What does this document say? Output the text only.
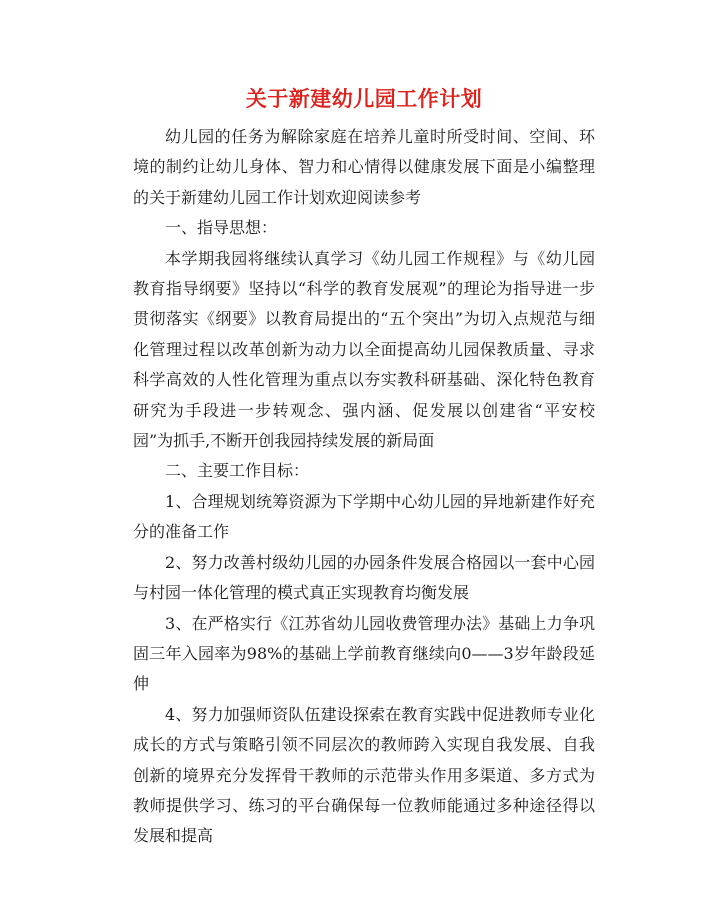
关于新建幼儿园工作计划

幼儿园的任务为解除家庭在培养儿童时所受时间、空间、环境的制约让幼儿身体、智力和心情得以健康发展下面是小编整理的关于新建幼儿园工作计划欢迎阅读参考

一、指导思想：

本学期我园将继续认真学习《幼儿园工作规程》与《幼儿园教育指导纲要》坚持以“科学的教育发展观”的理论为指导进一步贯彻落实《纲要》以教育局提出的“五个突出”为切入点规范与细化管理过程以改革创新为动力以全面提高幼儿园保教质量、寻求科学高效的人性化管理为重点以夯实教科研基础、深化特色教育研究为手段进一步转观念、强内涵、促发展以创建省“平安校园”为抓手,不断开创我园持续发展的新局面

二、主要工作目标：

1、合理规划统筹资源为下学期中心幼儿园的异地新建作好充分的准备工作

2、努力改善村级幼儿园的办园条件发展合格园以一套中心园与村园一体化管理的模式真正实现教育均衡发展

3、在严格实行《江苏省幼儿园收费管理办法》基础上力争巩固三年入园率为98%的基础上学前教育继续向0——3岁年龄段延伸

4、努力加强师资队伍建设探索在教育实践中促进教师专业化成长的方式与策略引领不同层次的教师跨入实现自我发展、自我创新的境界充分发挥骨干教师的示范带头作用多渠道、多方式为教师提供学习、练习的平台确保每一位教师能通过多种途径得以发展和提高
